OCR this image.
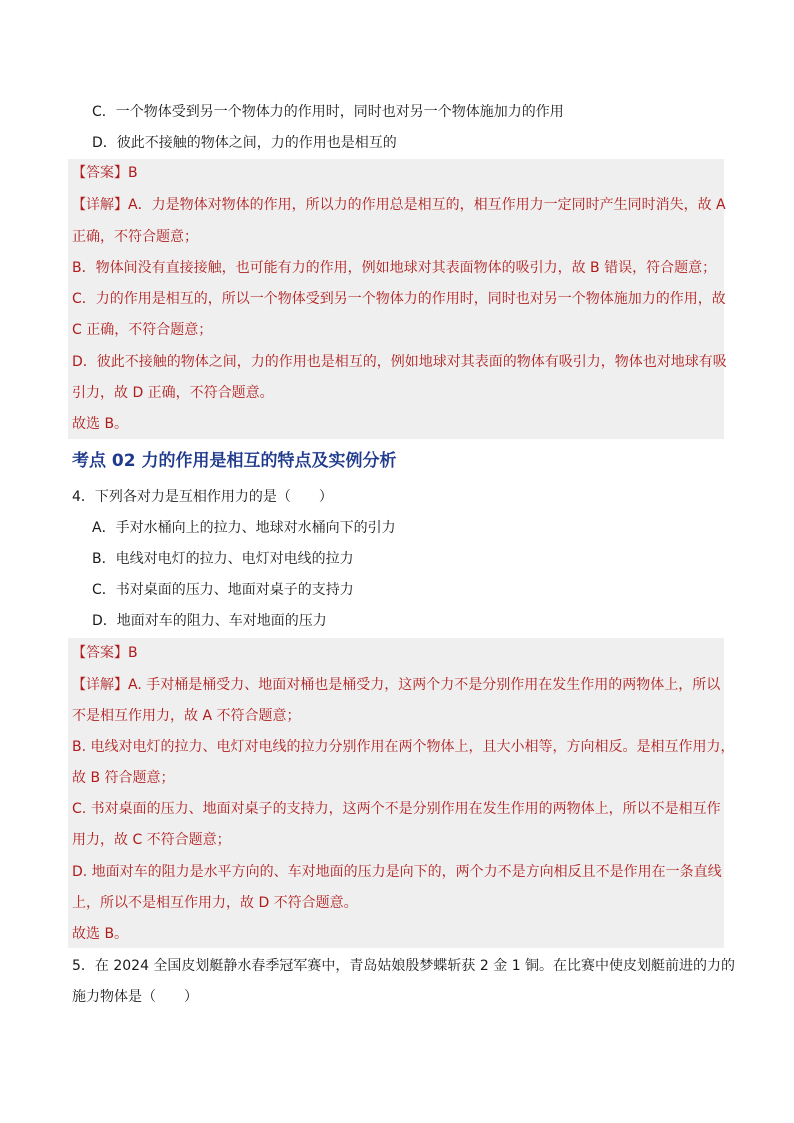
C．一个物体受到另一个物体力的作用时，同时也对另一个物体施加力的作用
D．彼此不接触的物体之间，力的作用也是相互的
【答案】B
【详解】A．力是物体对物体的作用，所以力的作用总是相互的，相互作用力一定同时产生同时消失，故 A
正确，不符合题意；
B．物体间没有直接接触，也可能有力的作用，例如地球对其表面物体的吸引力，故 B 错误，符合题意；
C．力的作用是相互的，所以一个物体受到另一个物体力的作用时，同时也对另一个物体施加力的作用，故
C 正确，不符合题意；
D．彼此不接触的物体之间，力的作用也是相互的，例如地球对其表面的物体有吸引力，物体也对地球有吸
引力，故 D 正确，不符合题意。
故选 B。
考点 02 力的作用是相互的特点及实例分析
4．下列各对力是互相作用力的是（　　）
A．手对水桶向上的拉力、地球对水桶向下的引力
B．电线对电灯的拉力、电灯对电线的拉力
C．书对桌面的压力、地面对桌子的支持力
D．地面对车的阻力、车对地面的压力
【答案】B
【详解】A. 手对桶是桶受力、地面对桶也是桶受力，这两个力不是分别作用在发生作用的两物体上，所以
不是相互作用力，故 A 不符合题意；
B. 电线对电灯的拉力、电灯对电线的拉力分别作用在两个物体上，且大小相等，方向相反。是相互作用力，
故 B 符合题意；
C. 书对桌面的压力、地面对桌子的支持力，这两个不是分别作用在发生作用的两物体上，所以不是相互作
用力，故 C 不符合题意；
D. 地面对车的阻力是水平方向的、车对地面的压力是向下的，两个力不是方向相反且不是作用在一条直线
上，所以不是相互作用力，故 D 不符合题意。
故选 B。
5．在 2024 全国皮划艇静水春季冠军赛中，青岛姑娘殷梦蝶斩获 2 金 1 铜。在比赛中使皮划艇前进的力的
施力物体是（　　）
